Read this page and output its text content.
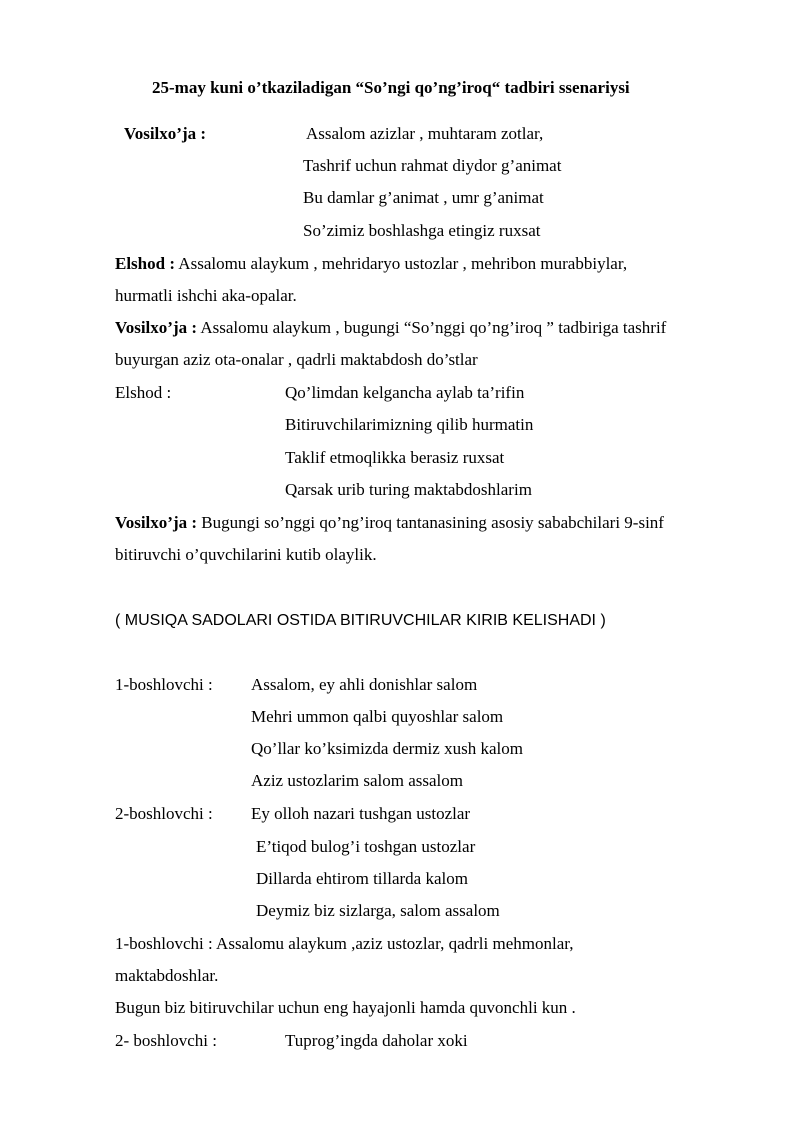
25-may kuni o’tkaziladigan “So’ngi qo’ng’iroq“ tadbiri ssenariysi
Vosilxo’ja :	Assalom azizlar , muhtaram zotlar,
Tashrif uchun rahmat diydor g’animat
Bu damlar g’animat , umr g’animat
So’zimiz boshlashga etingiz ruxsat
Elshod : Assalomu alaykum , mehridaryo ustozlar , mehribon murabbiylar,
hurmatli ishchi aka-opalar.
Vosilxo’ja : Assalomu alaykum , bugungi “So’nggi qo’ng’iroq ” tadbiriga tashrif
buyurgan aziz ota-onalar , qadrli maktabdosh do’stlar
Elshod :	Qo’limdan kelgancha aylab ta’rifin
Bitiruvchilarimizning qilib hurmatin
Taklif etmoqlikka berasiz ruxsat
Qarsak urib turing maktabdoshlarim
Vosilxo’ja : Bugungi so’nggi qo’ng’iroq tantanasining asosiy sababchilari 9-sinf
bitiruvchi o’quvchilarini kutib olaylik.
( MUSIQA SADOLARI OSTIDA BITIRUVCHILAR KIRIB KELISHADI )
1-boshlovchi : Assalom, ey ahli donishlar salom
Mehri ummon qalbi quyoshlar salom
Qo’llar ko’ksimizda dermiz xush kalom
Aziz ustozlarim salom assalom
2-boshlovchi : Ey olloh nazari tushgan ustozlar
E’tiqod bulog’i toshgan ustozlar
Dillarda ehtirom tillarda kalom
Deymiz biz sizlarga, salom assalom
1-boshlovchi : Assalomu alaykum ,aziz ustozlar, qadrli mehmonlar,
maktabdoshlar.
Bugun biz bitiruvchilar uchun eng hayajonli hamda quvonchli kun .
2- boshlovchi :	Tuprog’ingda daholar xoki
